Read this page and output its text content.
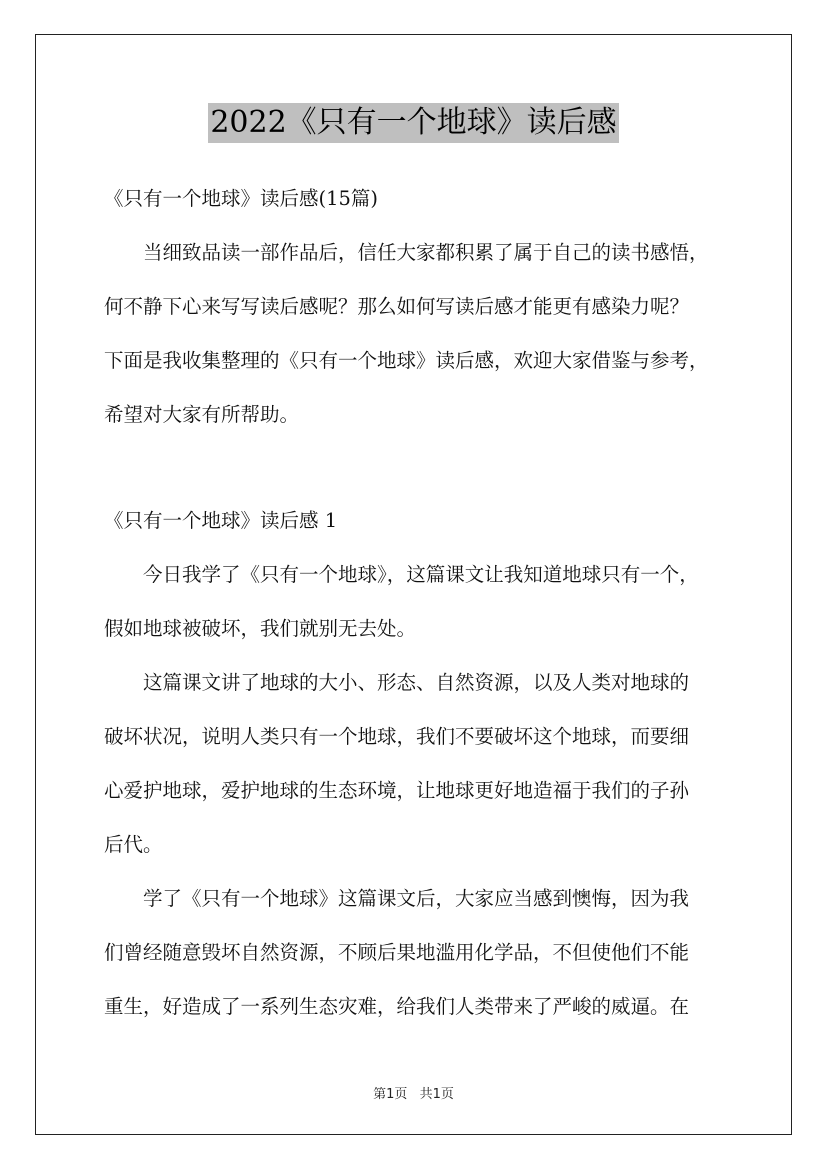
2022《只有一个地球》读后感
《只有一个地球》读后感(15篇)
当细致品读一部作品后，信任大家都积累了属于自己的读书感悟，
何不静下心来写写读后感呢？那么如何写读后感才能更有感染力呢？
下面是我收集整理的《只有一个地球》读后感，欢迎大家借鉴与参考，
希望对大家有所帮助。
《只有一个地球》读后感 1
今日我学了《只有一个地球》，这篇课文让我知道地球只有一个，
假如地球被破坏，我们就别无去处。
这篇课文讲了地球的大小、形态、自然资源，以及人类对地球的
破坏状况，说明人类只有一个地球，我们不要破坏这个地球，而要细
心爱护地球，爱护地球的生态环境，让地球更好地造福于我们的子孙
后代。
学了《只有一个地球》这篇课文后，大家应当感到懊悔，因为我
们曾经随意毁坏自然资源，不顾后果地滥用化学品，不但使他们不能
重生，好造成了一系列生态灾难，给我们人类带来了严峻的威逼。在
第1页 共1页
